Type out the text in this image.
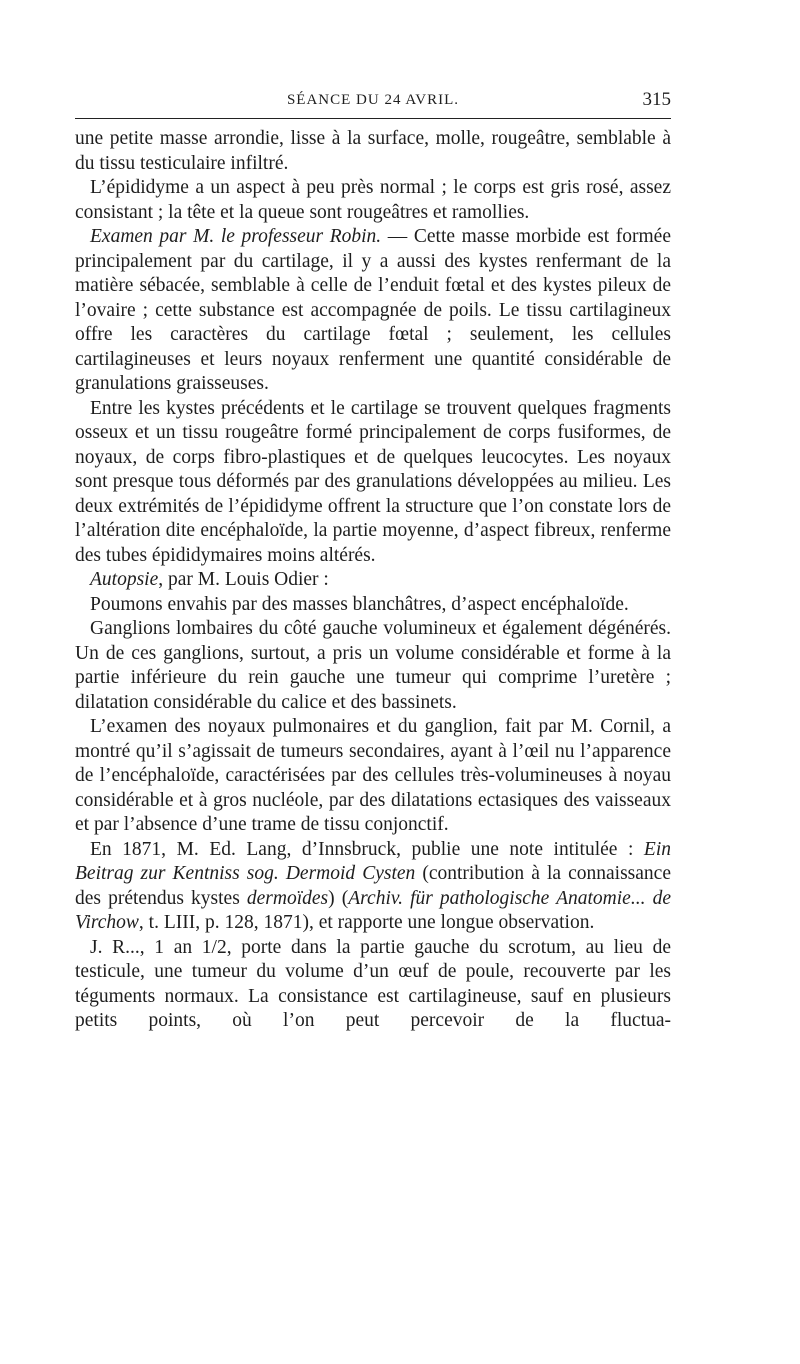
SÉANCE DU 24 AVRIL.	315

une petite masse arrondie, lisse à la surface, molle, rougeâtre, semblable à du tissu testiculaire infiltré.

L’épididyme a un aspect à peu près normal ; le corps est gris rosé, assez consistant ; la tête et la queue sont rougeâtres et ramollies.

Examen par M. le professeur Robin. — Cette masse morbide est formée principalement par du cartilage, il y a aussi des kystes renfermant de la matière sébacée, semblable à celle de l’enduit fœtal et des kystes pileux de l’ovaire ; cette substance est accompagnée de poils. Le tissu cartilagineux offre les caractères du cartilage fœtal ; seulement, les cellules cartilagineuses et leurs noyaux renferment une quantité considérable de granulations graisseuses.

Entre les kystes précédents et le cartilage se trouvent quelques fragments osseux et un tissu rougeâtre formé principalement de corps fusiformes, de noyaux, de corps fibro-plastiques et de quelques leucocytes. Les noyaux sont presque tous déformés par des granulations développées au milieu. Les deux extrémités de l’épididyme offrent la structure que l’on constate lors de l’altération dite encéphaloïde, la partie moyenne, d’aspect fibreux, renferme des tubes épididymaires moins altérés.

Autopsie, par M. Louis Odier :

Poumons envahis par des masses blanchâtres, d’aspect encéphaloïde.

Ganglions lombaires du côté gauche volumineux et également dégénérés. Un de ces ganglions, surtout, a pris un volume considérable et forme à la partie inférieure du rein gauche une tumeur qui comprime l’uretère ; dilatation considérable du calice et des bassinets.

L’examen des noyaux pulmonaires et du ganglion, fait par M. Cornil, a montré qu’il s’agissait de tumeurs secondaires, ayant à l’œil nu l’apparence de l’encéphaloïde, caractérisées par des cellules très-volumineuses à noyau considérable et à gros nucléole, par des dilatations ectasiques des vaisseaux et par l’absence d’une trame de tissu conjonctif.

En 1871, M. Ed. Lang, d’Innsbruck, publie une note intitulée : Ein Beitrag zur Kentniss sog. Dermoid Cysten (contribution à la connaissance des prétendus kystes dermoïdes) (Archiv. für pathologische Anatomie... de Virchow, t. LIII, p. 128, 1871), et rapporte une longue observation.

J. R..., 1 an 1/2, porte dans la partie gauche du scrotum, au lieu de testicule, une tumeur du volume d’un œuf de poule, recouverte par les téguments normaux. La consistance est cartilagineuse, sauf en plusieurs petits points, où l’on peut percevoir de la fluctua-
